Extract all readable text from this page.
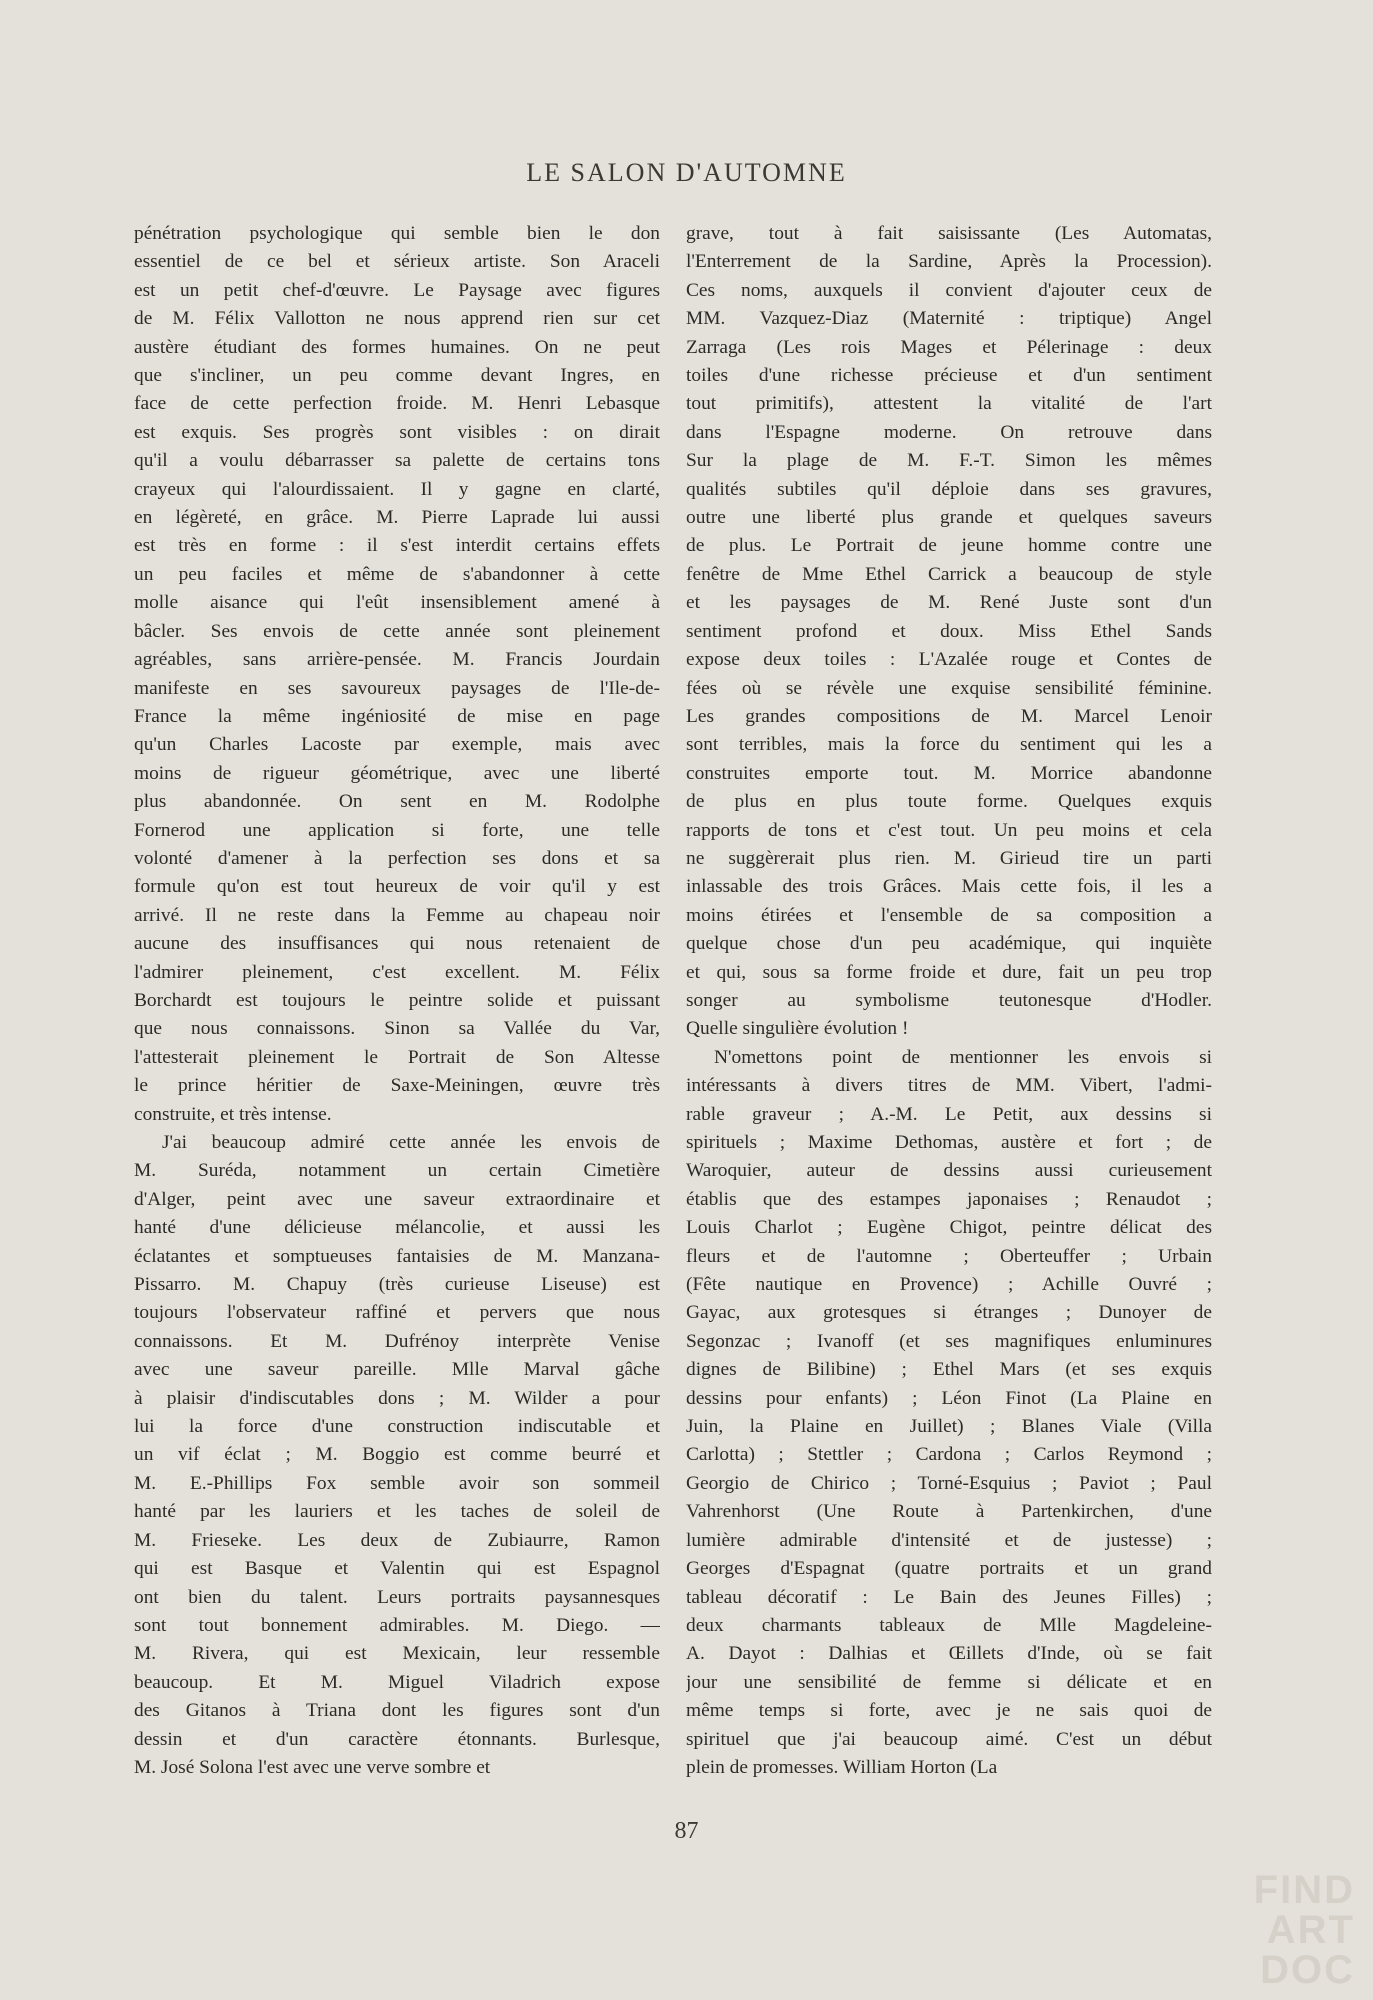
LE SALON D'AUTOMNE
pénétration psychologique qui semble bien le don
essentiel de ce bel et sérieux artiste. Son Araceli
est un petit chef-d'œuvre. Le Paysage avec figures
de M. Félix Vallotton ne nous apprend rien sur cet
austère étudiant des formes humaines. On ne peut
que s'incliner, un peu comme devant Ingres, en
face de cette perfection froide. M. Henri Lebasque
est exquis. Ses progrès sont visibles : on dirait
qu'il a voulu débarrasser sa palette de certains tons
crayeux qui l'alourdissaient. Il y gagne en clarté,
en légèreté, en grâce. M. Pierre Laprade lui aussi
est très en forme : il s'est interdit certains effets
un peu faciles et même de s'abandonner à cette
molle aisance qui l'eût insensiblement amené à
bâcler. Ses envois de cette année sont pleinement
agréables, sans arrière-pensée. M. Francis Jourdain
manifeste en ses savoureux paysages de l'Ile-de-
France la même ingéniosité de mise en page
qu'un Charles Lacoste par exemple, mais avec
moins de rigueur géométrique, avec une liberté
plus abandonnée. On sent en M. Rodolphe
Fornerod une application si forte, une telle
volonté d'amener à la perfection ses dons et sa
formule qu'on est tout heureux de voir qu'il y est
arrivé. Il ne reste dans la Femme au chapeau noir
aucune des insuffisances qui nous retenaient de
l'admirer pleinement, c'est excellent. M. Félix
Borchardt est toujours le peintre solide et puissant
que nous connaissons. Sinon sa Vallée du Var,
l'attesterait pleinement le Portrait de Son Altesse
le prince héritier de Saxe-Meiningen, œuvre très
construite, et très intense.
J'ai beaucoup admiré cette année les envois de
M. Suréda, notamment un certain Cimetière
d'Alger, peint avec une saveur extraordinaire et
hanté d'une délicieuse mélancolie, et aussi les
éclatantes et somptueuses fantaisies de M. Manzana-
Pissarro. M. Chapuy (très curieuse Liseuse) est
toujours l'observateur raffiné et pervers que nous
connaissons. Et M. Dufrénoy interprète Venise
avec une saveur pareille. Mlle Marval gâche
à plaisir d'indiscutables dons ; M. Wilder a pour
lui la force d'une construction indiscutable et
un vif éclat ; M. Boggio est comme beurré et
M. E.-Phillips Fox semble avoir son sommeil
hanté par les lauriers et les taches de soleil de
M. Frieseke. Les deux de Zubiaurre, Ramon
qui est Basque et Valentin qui est Espagnol
ont bien du talent. Leurs portraits paysannesques
sont tout bonnement admirables. M. Diego. —
M. Rivera, qui est Mexicain, leur ressemble
beaucoup. Et M. Miguel Viladrich expose
des Gitanos à Triana dont les figures sont d'un
dessin et d'un caractère étonnants. Burlesque,
M. José Solona l'est avec une verve sombre et
grave, tout à fait saisissante (Les Automatas,
l'Enterrement de la Sardine, Après la Procession).
Ces noms, auxquels il convient d'ajouter ceux de
MM. Vazquez-Diaz (Maternité : triptique) Angel
Zarraga (Les rois Mages et Pélerinage : deux
toiles d'une richesse précieuse et d'un sentiment
tout primitifs), attestent la vitalité de l'art
dans l'Espagne moderne. On retrouve dans
Sur la plage de M. F.-T. Simon les mêmes
qualités subtiles qu'il déploie dans ses gravures,
outre une liberté plus grande et quelques saveurs
de plus. Le Portrait de jeune homme contre une
fenêtre de Mme Ethel Carrick a beaucoup de style
et les paysages de M. René Juste sont d'un
sentiment profond et doux. Miss Ethel Sands
expose deux toiles : L'Azalée rouge et Contes de
fées où se révèle une exquise sensibilité féminine.
Les grandes compositions de M. Marcel Lenoir
sont terribles, mais la force du sentiment qui les a
construites emporte tout. M. Morrice abandonne
de plus en plus toute forme. Quelques exquis
rapports de tons et c'est tout. Un peu moins et cela
ne suggèrerait plus rien. M. Girieud tire un parti
inlassable des trois Grâces. Mais cette fois, il les a
moins étirées et l'ensemble de sa composition a
quelque chose d'un peu académique, qui inquiète
et qui, sous sa forme froide et dure, fait un peu trop
songer au symbolisme teutonesque d'Hodler.
Quelle singulière évolution !
N'omettons point de mentionner les envois si
intéressants à divers titres de MM. Vibert, l'admi-
rable graveur ; A.-M. Le Petit, aux dessins si
spirituels ; Maxime Dethomas, austère et fort ; de
Waroquier, auteur de dessins aussi curieusement
établis que des estampes japonaises ; Renaudot ;
Louis Charlot ; Eugène Chigot, peintre délicat des
fleurs et de l'automne ; Oberteuffer ; Urbain
(Fête nautique en Provence) ; Achille Ouvré ;
Gayac, aux grotesques si étranges ; Dunoyer de
Segonzac ; Ivanoff (et ses magnifiques enluminures
dignes de Bilibine) ; Ethel Mars (et ses exquis
dessins pour enfants) ; Léon Finot (La Plaine en
Juin, la Plaine en Juillet) ; Blanes Viale (Villa
Carlotta) ; Stettler ; Cardona ; Carlos Reymond ;
Georgio de Chirico ; Torné-Esquius ; Paviot ; Paul
Vahrenhorst (Une Route à Partenkirchen, d'une
lumière admirable d'intensité et de justesse) ;
Georges d'Espagnat (quatre portraits et un grand
tableau décoratif : Le Bain des Jeunes Filles) ;
deux charmants tableaux de Mlle Magdeleine-
A. Dayot : Dalhias et Œillets d'Inde, où se fait
jour une sensibilité de femme si délicate et en
même temps si forte, avec je ne sais quoi de
spirituel que j'ai beaucoup aimé. C'est un début
plein de promesses. William Horton (La
87
FIND
ART
DOC
